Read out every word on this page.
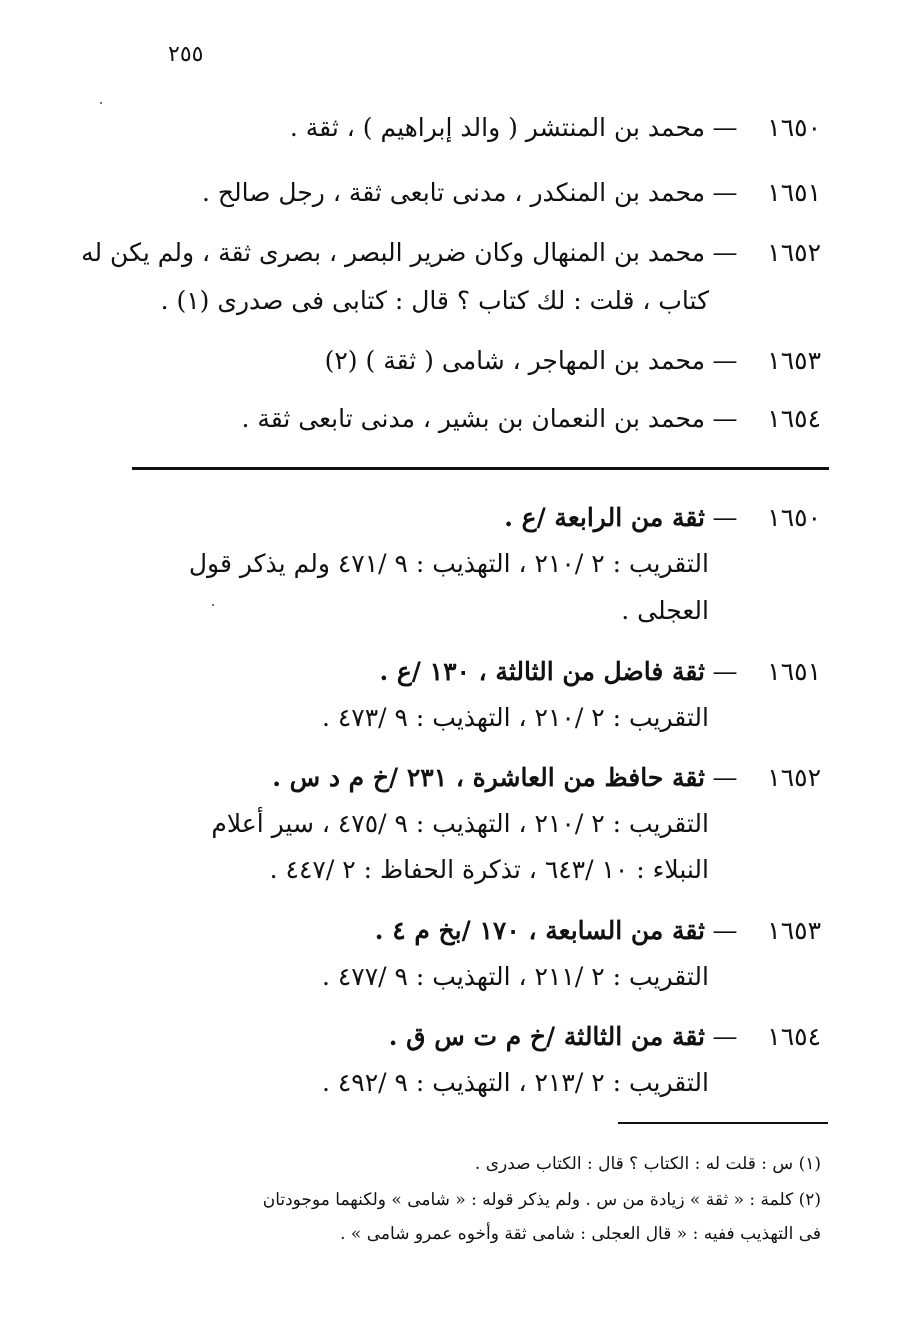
٢٥٥
١٦٥٠—محمد بن المنتشر ( والد إبراهيم ) ، ثقة .
١٦٥١—محمد بن المنكدر ، مدنى تابعى ثقة ، رجل صالح .
١٦٥٢—محمد بن المنهال وكان ضرير البصر ، بصرى ثقة ، ولم يكن له
كتاب ، قلت : لك كتاب ؟ قال : كتابى فى صدرى (١) .
١٦٥٣—محمد بن المهاجر ، شامى ( ثقة ) (٢)
١٦٥٤—محمد بن النعمان بن بشير ، مدنى تابعى ثقة .
١٦٥٠—ثقة من الرابعة /ع .
التقريب : ٢ /٢١٠ ، التهذيب : ٩ /٤٧١ ولم يذكر قول
العجلى .
١٦٥١—ثقة فاضل من الثالثة ، ١٣٠ /ع .
التقريب : ٢ /٢١٠ ، التهذيب : ٩ /٤٧٣ .
١٦٥٢—ثقة حافظ من العاشرة ، ٢٣١ /خ م د س .
التقريب : ٢ /٢١٠ ، التهذيب : ٩ /٤٧٥ ، سير أعلام
النبلاء : ١٠ /٦٤٣ ، تذكرة الحفاظ : ٢ /٤٤٧ .
١٦٥٣—ثقة من السابعة ، ١٧٠ /بخ م ٤ .
التقريب : ٢ /٢١١ ، التهذيب : ٩ /٤٧٧ .
١٦٥٤—ثقة من الثالثة /خ م ت س ق .
التقريب : ٢ /٢١٣ ، التهذيب : ٩ /٤٩٢ .
(١) س : قلت له : الكتاب ؟ قال : الكتاب صدرى .
(٢) كلمة : « ثقة » زيادة من س . ولم يذكر قوله : « شامى » ولكنهما موجودتان
فى التهذيب ففيه : « قال العجلى : شامى ثقة وأخوه عمرو شامى » .
